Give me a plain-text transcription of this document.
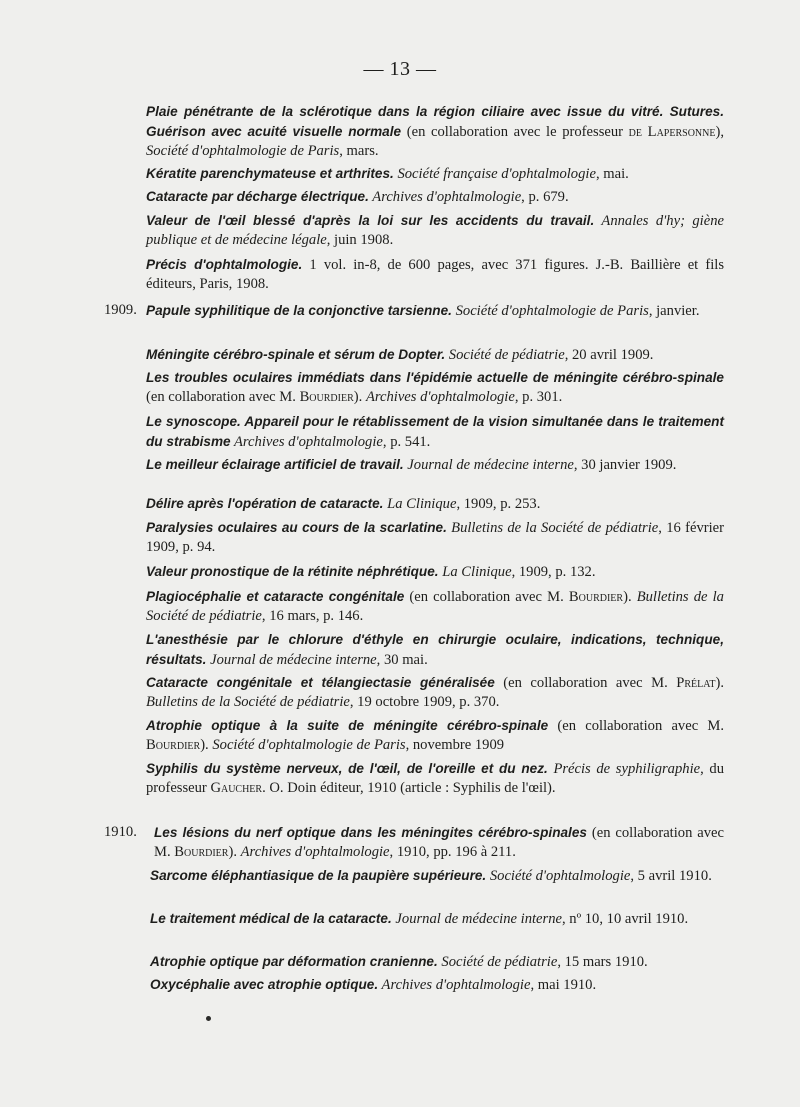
— 13 —
1909.
1910.
Plaie pénétrante de la sclérotique dans la région ciliaire avec issue du vitré. Sutures. Guérison avec acuité visuelle normale (en collaboration avec le professeur de Lapersonne), Société d'ophtalmologie de Paris, mars.
Kératite parenchymateuse et arthrites. Société française d'ophtalmologie, mai.
Cataracte par décharge électrique. Archives d'ophtalmologie, p. 679.
Valeur de l'œil blessé d'après la loi sur les accidents du travail. Annales d'hy; giène publique et de médecine légale, juin 1908.
Précis d'ophtalmologie. 1 vol. in-8, de 600 pages, avec 371 figures. J.-B. Baillière et fils éditeurs, Paris, 1908.
Papule syphilitique de la conjonctive tarsienne. Société d'ophtalmologie de Paris, janvier.
Méningite cérébro-spinale et sérum de Dopter. Société de pédiatrie, 20 avril 1909.
Les troubles oculaires immédiats dans l'épidémie actuelle de méningite cérébro-spinale (en collaboration avec M. Bourdier). Archives d'ophtalmologie, p. 301.
Le synoscope. Appareil pour le rétablissement de la vision simultanée dans le traitement du strabisme Archives d'ophtalmologie, p. 541.
Le meilleur éclairage artificiel de travail. Journal de médecine interne, 30 janvier 1909.
Délire après l'opération de cataracte. La Clinique, 1909, p. 253.
Paralysies oculaires au cours de la scarlatine. Bulletins de la Société de pédiatrie, 16 février 1909, p. 94.
Valeur pronostique de la rétinite néphrétique. La Clinique, 1909, p. 132.
Plagiocéphalie et cataracte congénitale (en collaboration avec M. Bourdier). Bulletins de la Société de pédiatrie, 16 mars, p. 146.
L'anesthésie par le chlorure d'éthyle en chirurgie oculaire, indications, technique, résultats. Journal de médecine interne, 30 mai.
Cataracte congénitale et télangiectasie généralisée (en collaboration avec M. Prélat). Bulletins de la Société de pédiatrie, 19 octobre 1909, p. 370.
Atrophie optique à la suite de méningite cérébro-spinale (en collaboration avec M. Bourdier). Société d'ophtalmologie de Paris, novembre 1909
Syphilis du système nerveux, de l'œil, de l'oreille et du nez. Précis de syphiligraphie, du professeur Gaucher. O. Doin éditeur, 1910 (article : Syphilis de l'œil).
Les lésions du nerf optique dans les méningites cérébro-spinales (en collaboration avec M. Bourdier). Archives d'ophtalmologie, 1910, pp. 196 à 211.
Sarcome éléphantiasique de la paupière supérieure. Société d'ophtalmologie, 5 avril 1910.
Le traitement médical de la cataracte. Journal de médecine interne, nº 10, 10 avril 1910.
Atrophie optique par déformation cranienne. Société de pédiatrie, 15 mars 1910.
Oxycéphalie avec atrophie optique. Archives d'ophtalmologie, mai 1910.
